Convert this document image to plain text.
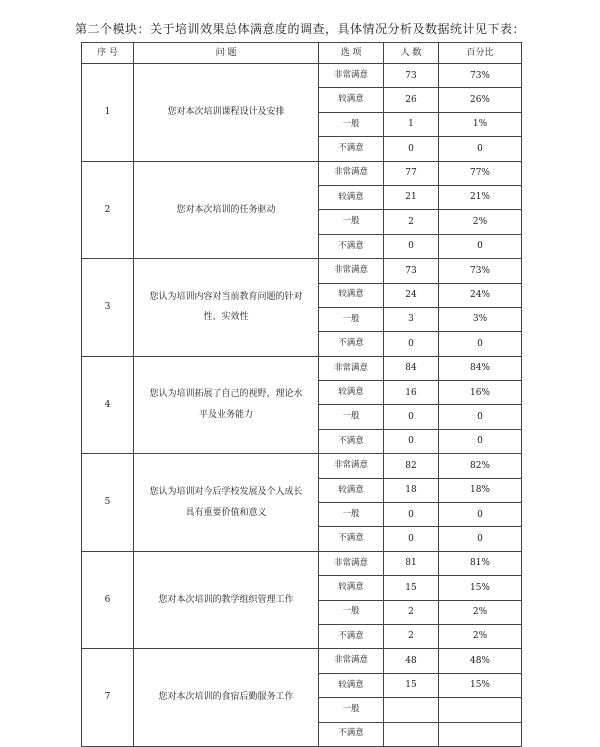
第二个模块：关于培训效果总体满意度的调查，具体情况分析及数据统计见下表：
序 号	问 题	选 项	人 数	百分比
1	您对本次培训课程设计及安排	非常满意	73	73%
		较满意	26	26%
		一般	1	1%
		不满意	0	0
2	您对本次培训的任务驱动	非常满意	77	77%
		较满意	21	21%
		一般	2	2%
		不满意	0	0
3	您认为培训内容对当前教育问题的针对性、实效性	非常满意	73	73%
		较满意	24	24%
		一般	3	3%
		不满意	0	0
4	您认为培训拓展了自己的视野，理论水平及业务能力	非常满意	84	84%
		较满意	16	16%
		一般	0	0
		不满意	0	0
5	您认为培训对今后学校发展及个人成长具有重要价值和意义	非常满意	82	82%
		较满意	18	18%
		一般	0	0
		不满意	0	0
6	您对本次培训的教学组织管理工作	非常满意	81	81%
		较满意	15	15%
		一般	2	2%
		不满意	2	2%
7	您对本次培训的食宿后勤服务工作	非常满意	48	48%
		较满意	15	15%
		一般		
		不满意		
